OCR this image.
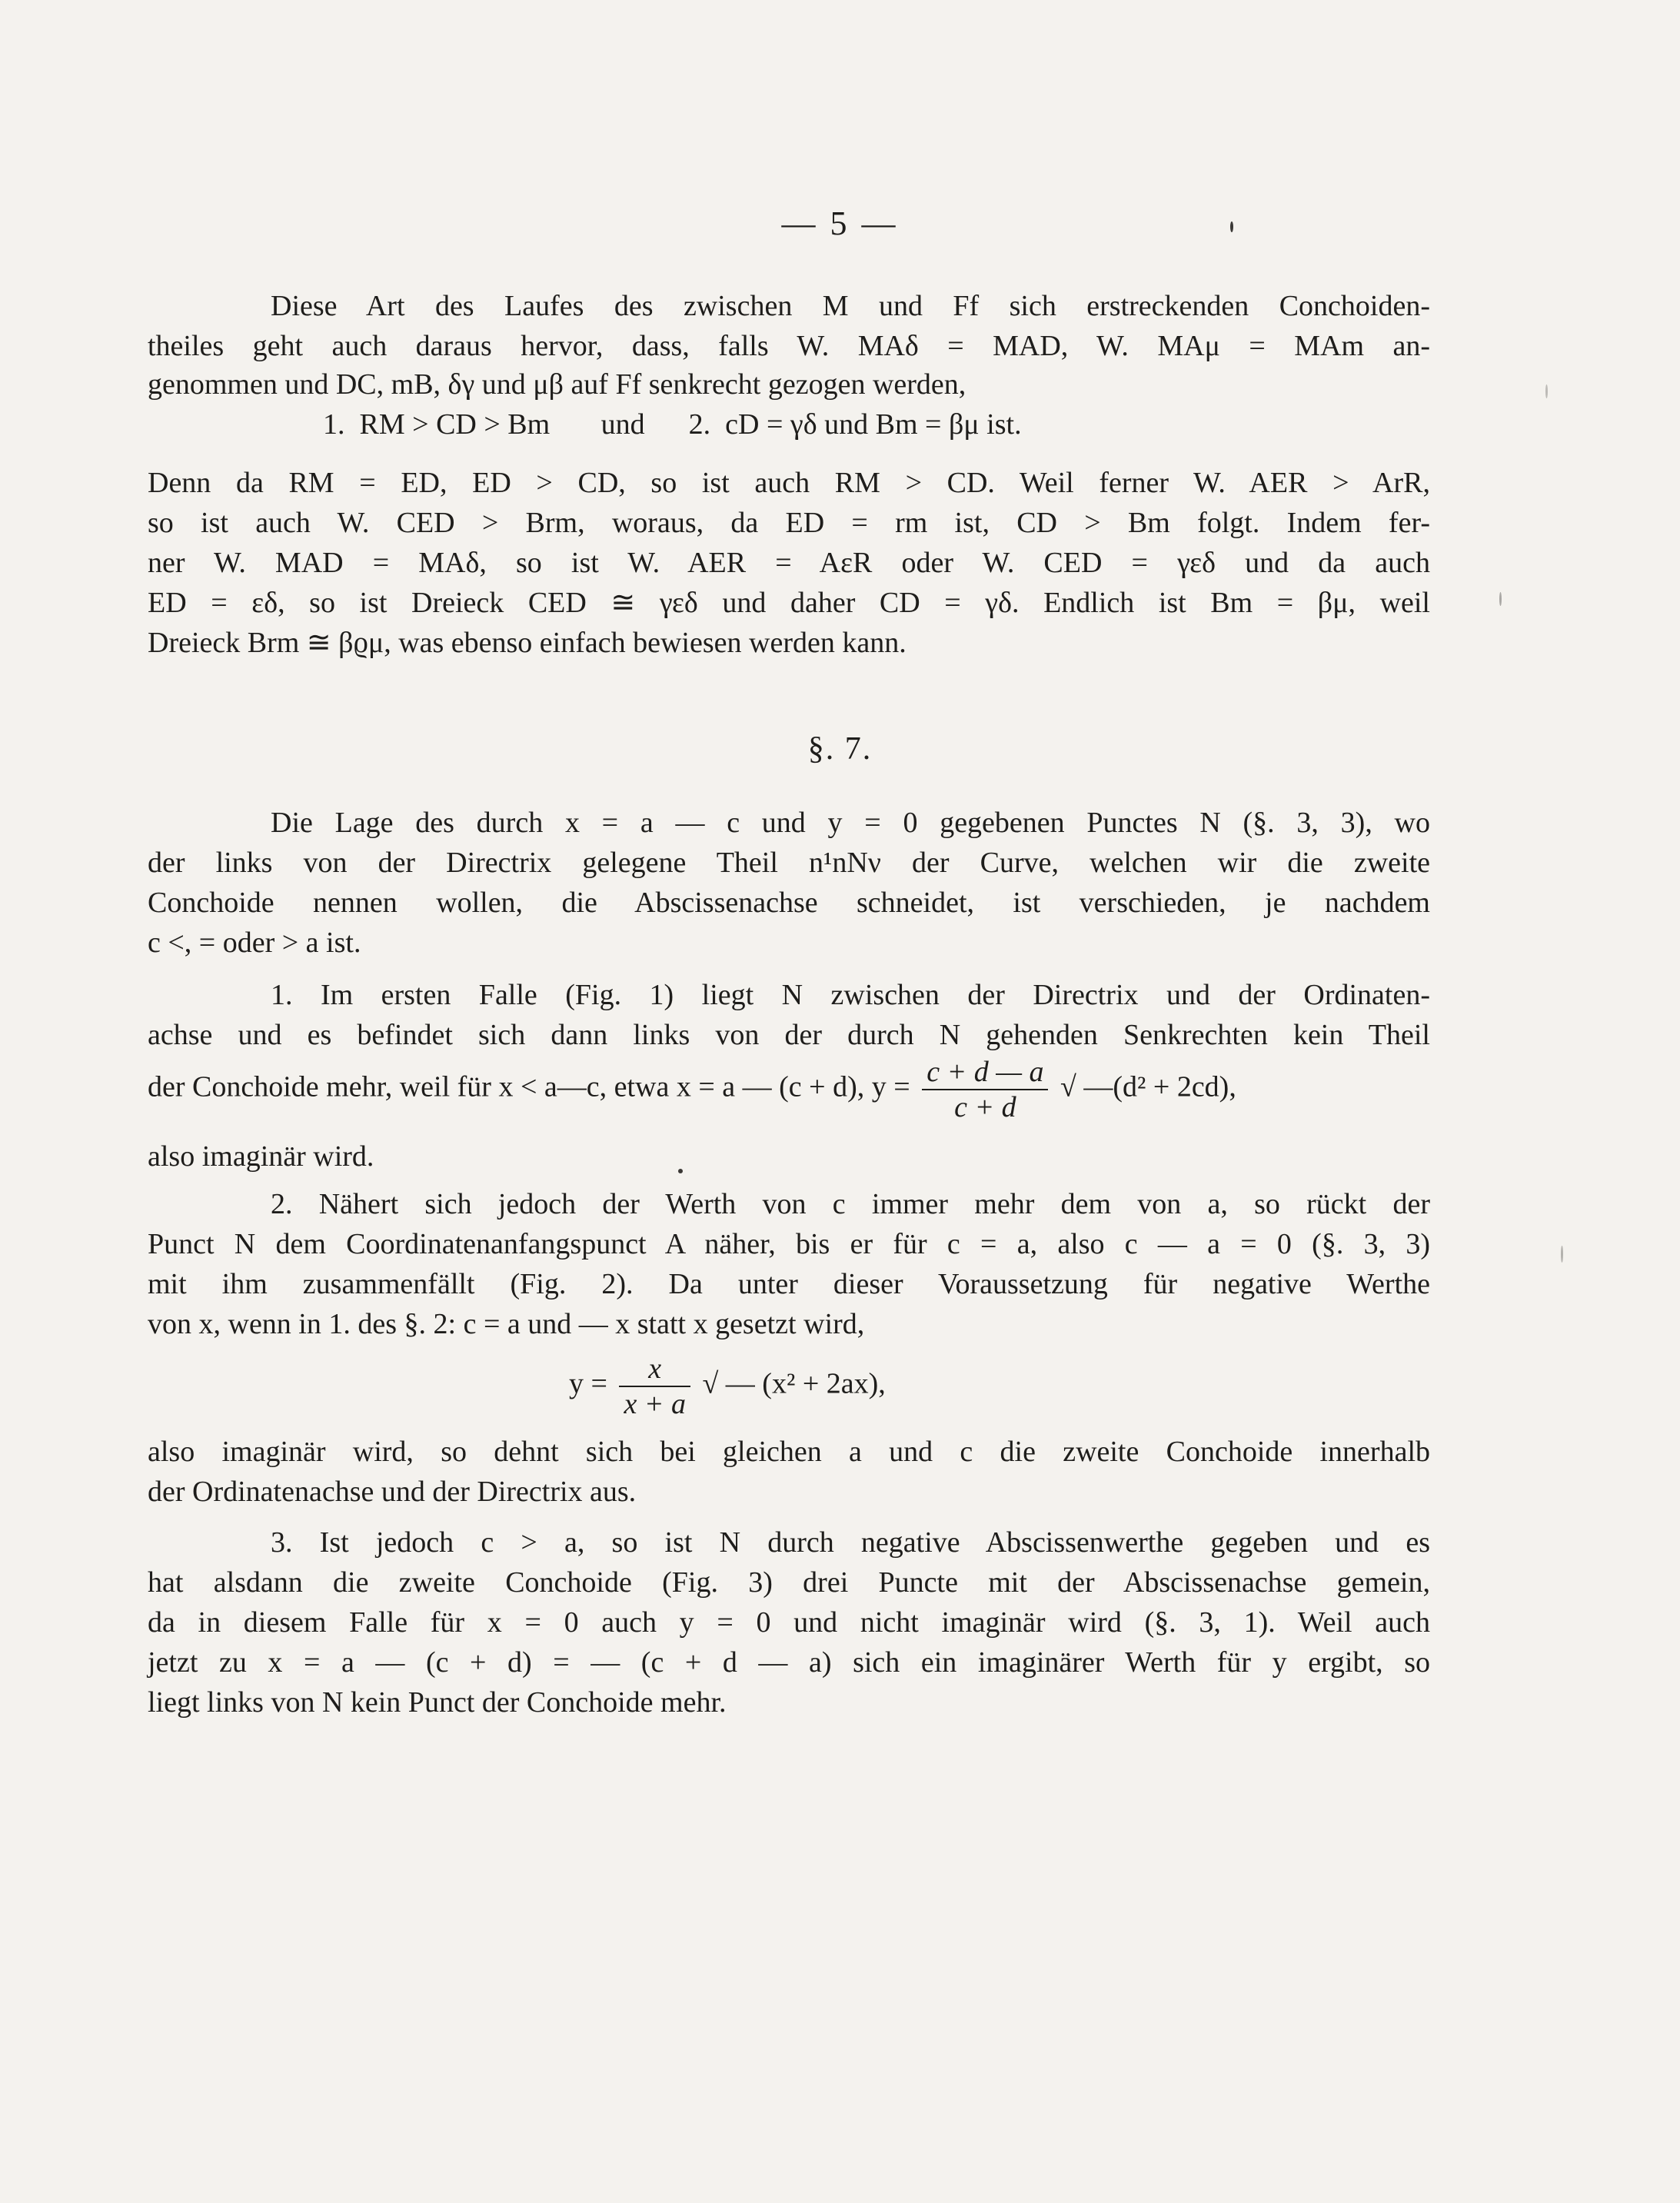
— 5 —
Diese Art des Laufes des zwischen M und Ff sich erstreckenden Conchoiden-
theiles geht auch daraus hervor, dass, falls W. MAδ = MAD, W. MAμ = MAm an-
genommen und DC, mB, δγ und μβ auf Ff senkrecht gezogen werden,
1.  RM > CD > Bm       und      2.  cD = γδ und Bm = βμ ist.
Denn da RM = ED, ED > CD, so ist auch RM > CD. Weil ferner W. AER > ArR,
so ist auch W. CED > Brm, woraus, da ED = rm ist, CD > Bm folgt. Indem fer-
ner W. MAD = MAδ, so ist W. AER = AεR oder W. CED = γεδ und da auch
ED = εδ, so ist Dreieck CED ≅ γεδ und daher CD = γδ. Endlich ist Bm = βμ, weil
Dreieck Brm ≅ βϱμ, was ebenso einfach bewiesen werden kann.
§. 7.
Die Lage des durch x = a — c und y = 0 gegebenen Punctes N (§. 3, 3), wo
der links von der Directrix gelegene Theil n¹nNν der Curve, welchen wir die zweite
Conchoide nennen wollen, die Abscissenachse schneidet, ist verschieden, je nachdem
c <, = oder > a ist.
1. Im ersten Falle (Fig. 1) liegt N zwischen der Directrix und der Ordinaten-
achse und es befindet sich dann links von der durch N gehenden Senkrechten kein Theil
der Conchoide mehr, weil für x < a—c, etwa x = a — (c + d), $y = \frac{c + d — a}{c + d}$ √ —(d² + 2cd),
also imaginär wird.
2. Nähert sich jedoch der Werth von c immer mehr dem von a, so rückt der
Punct N dem Coordinatenanfangspunct A näher, bis er für c = a, also c — a = 0 (§. 3, 3)
mit ihm zusammenfällt (Fig. 2). Da unter dieser Voraussetzung für negative Werthe
von x, wenn in 1. des §. 2: c = a und — x statt x gesetzt wird,
$y = \frac{x}{x + a}$ √ — (x² + 2ax),
also imaginär wird, so dehnt sich bei gleichen a und c die zweite Conchoide innerhalb
der Ordinatenachse und der Directrix aus.
3. Ist jedoch c > a, so ist N durch negative Abscissenwerthe gegeben und es
hat alsdann die zweite Conchoide (Fig. 3) drei Puncte mit der Abscissenachse gemein,
da in diesem Falle für x = 0 auch y = 0 und nicht imaginär wird (§. 3, 1). Weil auch
jetzt zu x = a — (c + d) = — (c + d — a) sich ein imaginärer Werth für y ergibt, so
liegt links von N kein Punct der Conchoide mehr.
